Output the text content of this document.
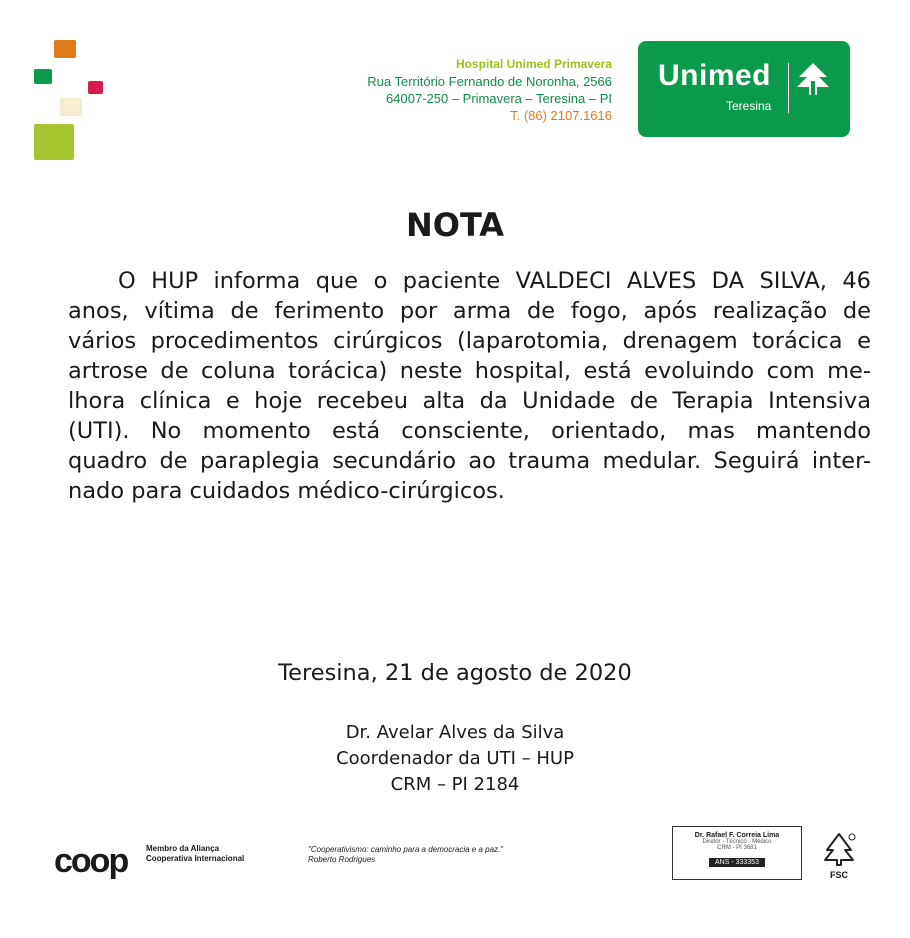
Hospital Unimed Primavera
Rua Território Fernando de Noronha, 2566
64007-250 – Primavera – Teresina – PI
T. (86) 2107.1616
Unimed
Teresina
NOTA
O HUP informa que o paciente VALDECI ALVES DA SILVA, 46
anos, vítima de ferimento por arma de fogo, após realização de
vários procedimentos cirúrgicos (laparotomia, drenagem torácica e
artrose de coluna torácica) neste hospital, está evoluindo com me-
lhora clínica e hoje recebeu alta da Unidade de Terapia Intensiva
(UTI). No momento está consciente, orientado, mas mantendo
quadro de paraplegia secundário ao trauma medular. Seguirá inter-
nado para cuidados médico-cirúrgicos.
Teresina, 21 de agosto de 2020
Dr. Avelar Alves da Silva
Coordenador da UTI – HUP
CRM – PI 2184
coop Membro da Aliança
Cooperativa Internacional
"Cooperativismo: caminho para a democracia e a paz."
Roberto Rodrigues
Dr. Rafael F. Correia Lima
Diretor - Técnico - Médico
CRM - PI 3681
ANS - 333353
FSC
